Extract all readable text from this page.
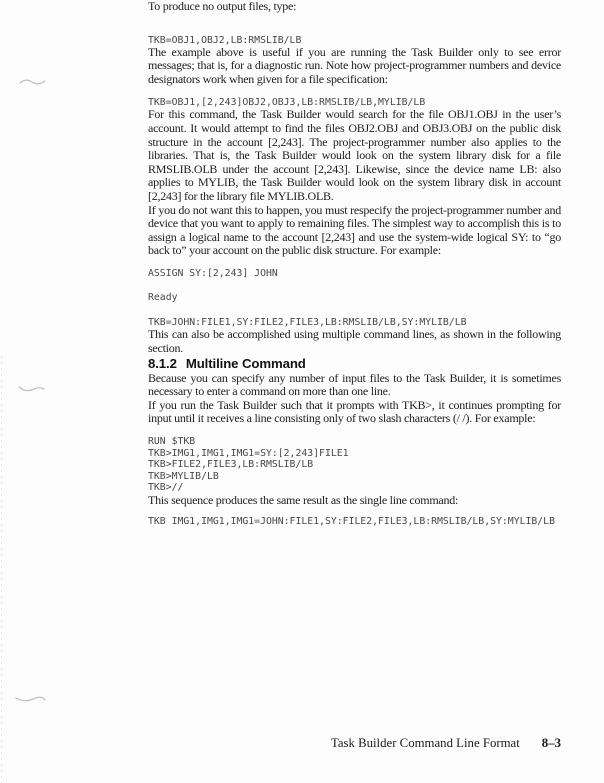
To produce no output files, type:

TKB=OBJ1,OBJ2,LB:RMSLIB/LB

The example above is useful if you are running the Task Builder only to see error messages; that is, for a diagnostic run. Note how project-programmer numbers and device designators work when given for a file specification:

TKB=OBJ1,[2,243]OBJ2,OBJ3,LB:RMSLIB/LB,MYLIB/LB

For this command, the Task Builder would search for the file OBJ1.OBJ in the user’s account. It would attempt to find the files OBJ2.OBJ and OBJ3.OBJ on the public disk structure in the account [2,243]. The project-programmer number also applies to the libraries. That is, the Task Builder would look on the system library disk for a file RMSLIB.OLB under the account [2,243]. Likewise, since the device name LB: also applies to MYLIB, the Task Builder would look on the system library disk in account [2,243] for the library file MYLIB.OLB.

If you do not want this to happen, you must respecify the project-programmer number and device that you want to apply to remaining files. The simplest way to accomplish this is to assign a logical name to the account [2,243] and use the system-wide logical SY: to “go back to” your account on the public disk structure. For example:

ASSIGN SY:[2,243] JOHN
Ready
TKB=JOHN:FILE1,SY:FILE2,FILE3,LB:RMSLIB/LB,SY:MYLIB/LB

This can also be accomplished using multiple command lines, as shown in the following section.

8.1.2 Multiline Command

Because you can specify any number of input files to the Task Builder, it is sometimes necessary to enter a command on more than one line.

If you run the Task Builder such that it prompts with TKB>, it continues prompting for input until it receives a line consisting only of two slash characters (/ /). For example:

RUN $TKB
TKB>IMG1,IMG1,IMG1=SY:[2,243]FILE1
TKB>FILE2,FILE3,LB:RMSLIB/LB
TKB>MYLIB/LB
TKB>//

This sequence produces the same result as the single line command:

TKB IMG1,IMG1,IMG1=JOHN:FILE1,SY:FILE2,FILE3,LB:RMSLIB/LB,SY:MYLIB/LB
Task Builder Command Line Format 8–3
